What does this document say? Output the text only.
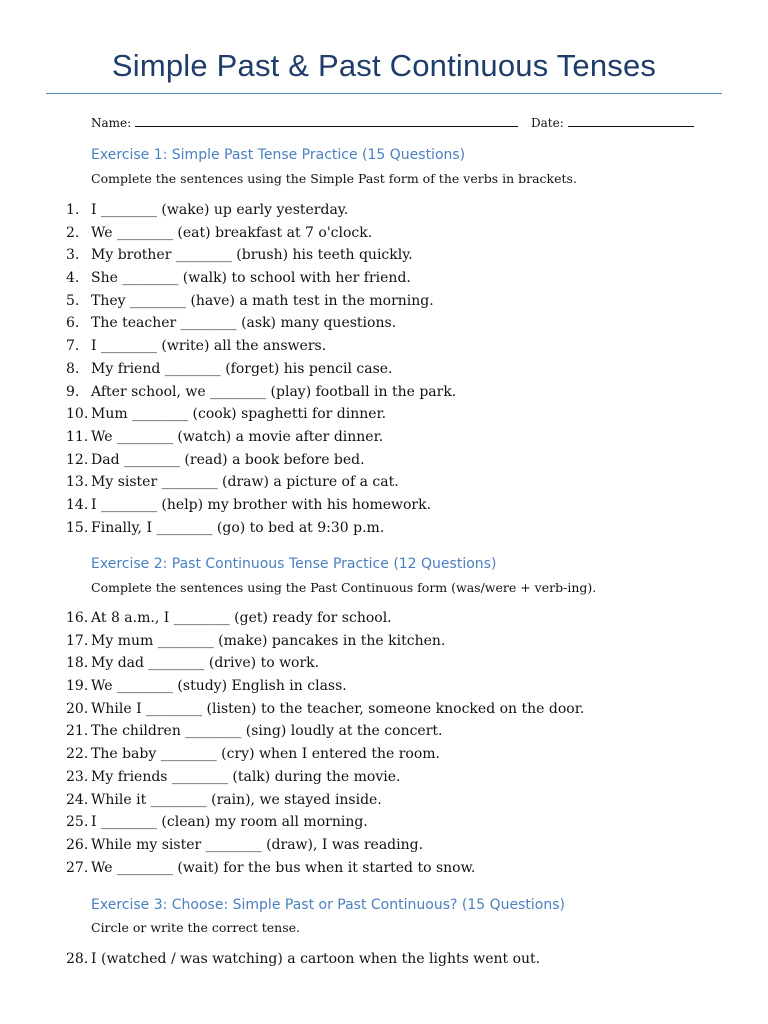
Simple Past & Past Continuous Tenses
Name:	Date:
Exercise 1: Simple Past Tense Practice (15 Questions)
Complete the sentences using the Simple Past form of the verbs in brackets.
1. I ________ (wake) up early yesterday.
2. We ________ (eat) breakfast at 7 o'clock.
3. My brother ________ (brush) his teeth quickly.
4. She ________ (walk) to school with her friend.
5. They ________ (have) a math test in the morning.
6. The teacher ________ (ask) many questions.
7. I ________ (write) all the answers.
8. My friend ________ (forget) his pencil case.
9. After school, we ________ (play) football in the park.
10. Mum ________ (cook) spaghetti for dinner.
11. We ________ (watch) a movie after dinner.
12. Dad ________ (read) a book before bed.
13. My sister ________ (draw) a picture of a cat.
14. I ________ (help) my brother with his homework.
15. Finally, I ________ (go) to bed at 9:30 p.m.
Exercise 2: Past Continuous Tense Practice (12 Questions)
Complete the sentences using the Past Continuous form (was/were + verb-ing).
16. At 8 a.m., I ________ (get) ready for school.
17. My mum ________ (make) pancakes in the kitchen.
18. My dad ________ (drive) to work.
19. We ________ (study) English in class.
20. While I ________ (listen) to the teacher, someone knocked on the door.
21. The children ________ (sing) loudly at the concert.
22. The baby ________ (cry) when I entered the room.
23. My friends ________ (talk) during the movie.
24. While it ________ (rain), we stayed inside.
25. I ________ (clean) my room all morning.
26. While my sister ________ (draw), I was reading.
27. We ________ (wait) for the bus when it started to snow.
Exercise 3: Choose: Simple Past or Past Continuous? (15 Questions)
Circle or write the correct tense.
28. I (watched / was watching) a cartoon when the lights went out.
